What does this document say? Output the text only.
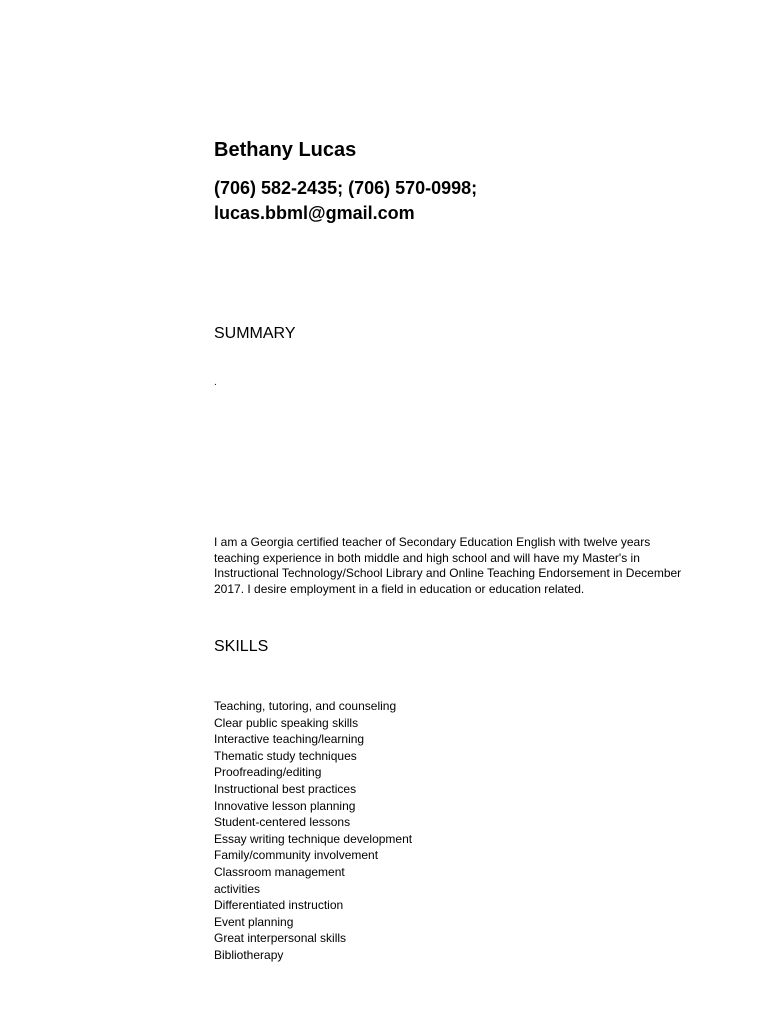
Bethany Lucas
(706) 582-2435; (706) 570-0998;
lucas.bbml@gmail.com
SUMMARY
.

I am a Georgia certified teacher of Secondary Education English with twelve years teaching experience in both middle and high school and will have my Master's in Instructional Technology/School Library and Online Teaching Endorsement in December 2017. I desire employment in a field in education or education related.

SKILLS
Teaching, tutoring, and counseling
Clear public speaking skills
Interactive teaching/learning
Thematic study techniques
Proofreading/editing
Instructional best practices
Innovative lesson planning
Student-centered lessons
Essay writing technique development
Family/community involvement
Classroom management
activities
Differentiated instruction
Event planning
Great interpersonal skills
Bibliotherapy
